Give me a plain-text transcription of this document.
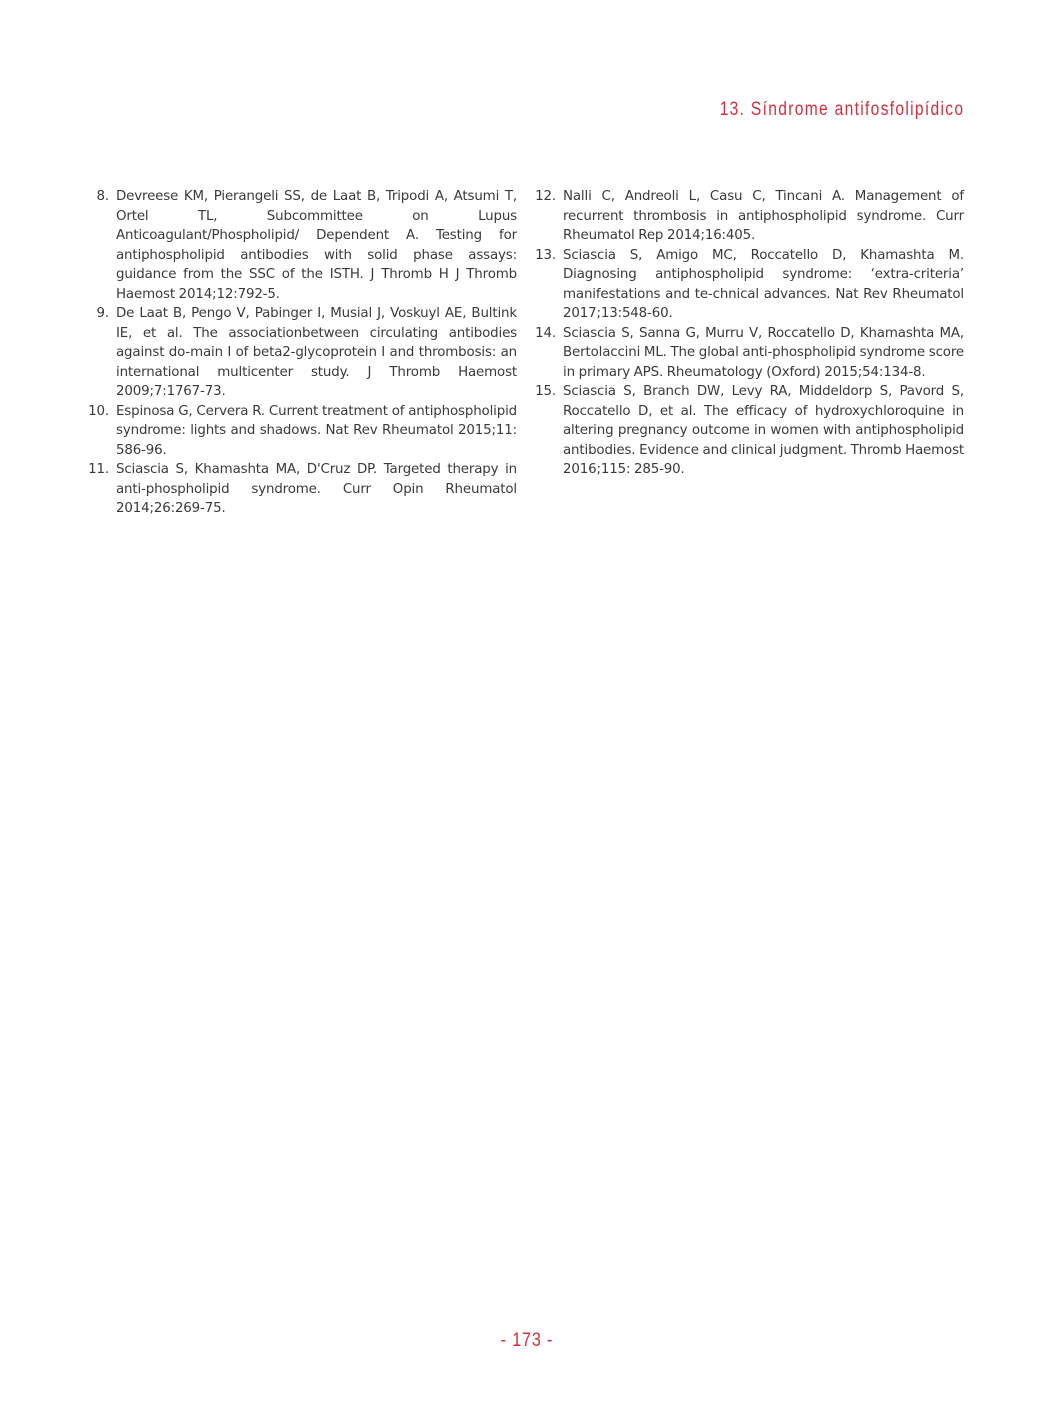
13. Síndrome antifosfolipídico
8. Devreese KM, Pierangeli SS, de Laat B, Tripodi A, Atsumi T, Ortel TL, Subcommittee on Lupus Anticoagulant/Phospholipid/ Dependent A. Testing for antiphospholipid antibodies with solid phase assays: guidance from the SSC of the ISTH. J Thromb H J Thromb Haemost 2014;12:792-5.
9. De Laat B, Pengo V, Pabinger I, Musial J, Voskuyl AE, Bultink IE, et al. The associationbetween circulating antibodies against do-main I of beta2-glycoprotein I and thrombosis: an international multicenter study. J Thromb Haemost 2009;7:1767-73.
10. Espinosa G, Cervera R. Current treatment of antiphospholipid syndrome: lights and shadows. Nat Rev Rheumatol 2015;11: 586-96.
11. Sciascia S, Khamashta MA, D'Cruz DP. Targeted therapy in anti-phospholipid syndrome. Curr Opin Rheumatol 2014;26:269-75.
12. Nalli C, Andreoli L, Casu C, Tincani A. Management of recurrent thrombosis in antiphospholipid syndrome. Curr Rheumatol Rep 2014;16:405.
13. Sciascia S, Amigo MC, Roccatello D, Khamashta M. Diagnosing antiphospholipid syndrome: ‘extra-criteria’ manifestations and te-chnical advances. Nat Rev Rheumatol 2017;13:548-60.
14. Sciascia S, Sanna G, Murru V, Roccatello D, Khamashta MA, Bertolaccini ML. The global anti-phospholipid syndrome score in primary APS. Rheumatology (Oxford) 2015;54:134-8.
15. Sciascia S, Branch DW, Levy RA, Middeldorp S, Pavord S, Roccatello D, et al. The efficacy of hydroxychloroquine in altering pregnancy outcome in women with antiphospholipid antibodies. Evidence and clinical judgment. Thromb Haemost 2016;115: 285-90.
- 173 -
